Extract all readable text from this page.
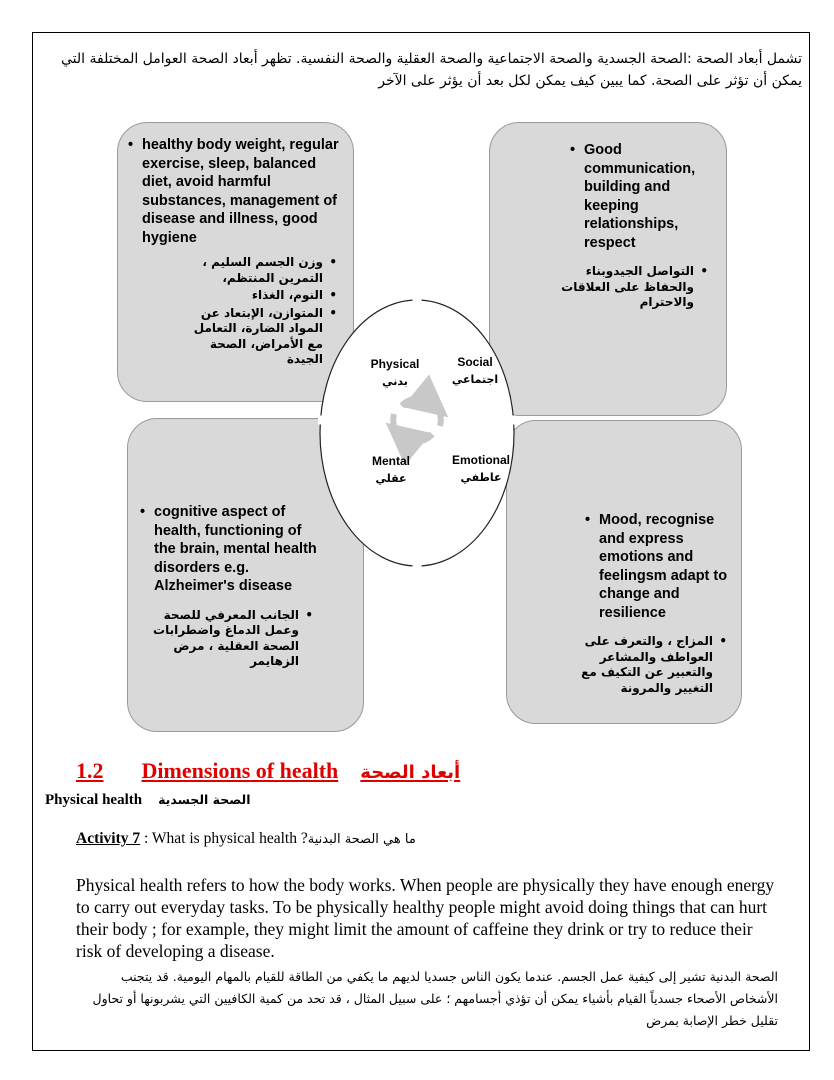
تشمل أبعاد الصحة :الصحة الجسدية والصحة الاجتماعية والصحة العقلية والصحة النفسية. تظهر أبعاد الصحة العوامل المختلفة التي يمكن أن تؤثر على الصحة. كما يبين كيف يمكن لكل بعد أن يؤثر على الآخر
• healthy body weight, regular exercise, sleep, balanced diet, avoid harmful substances, management of disease and illness, good hygiene
• وزن الجسم السليم ، التمرين المنتظم،
• النوم، الغذاء
• المتوازن، الإبتعاد عن المواد الضارة، التعامل مع الأمراض، الصحة الجيدة
• Good communication, building and keeping relationships, respect
• التواصل الجيدوبناء والحفاظ على العلاقات والاحترام
• cognitive aspect of health, functioning of the brain, mental health disorders e.g. Alzheimer's disease
• الجانب المعرفي للصحة وعمل الدماغ واضطرابات الصحة العقلية ، مرض الزهايمر
• Mood, recognise and express emotions and feelingsm adapt to change and resilience
• المزاج ، والتعرف على العواطف والمشاعر والتعبير عن التكيف مع التغيير والمرونة
Physical
بدني
Social
اجتماعي
Mental
عقلي
Emotional
عاطفي
1.2 Dimensions of health أبعاد الصحة
Physical health الصحة الجسدية
Activity 7 : What is physical health ?ما هي الصحة البدنية
Physical health refers to how the body works. When people are physically they have enough energy to carry out everyday tasks. To be physically healthy people might avoid doing things that can hurt their body ; for example, they might limit the amount of caffeine they drink or try to reduce their risk of developing a disease.
الصحة البدنية تشير إلى كيفية عمل الجسم. عندما يكون الناس جسديا لديهم ما يكفي من الطاقة للقيام بالمهام اليومية. قد يتجنب الأشخاص الأصحاء جسدياً القيام بأشياء يمكن أن تؤذي أجسامهم ؛ على سبيل المثال ، قد تحد من كمية الكافيين التي يشربونها أو تحاول تقليل خطر الإصابة بمرض
